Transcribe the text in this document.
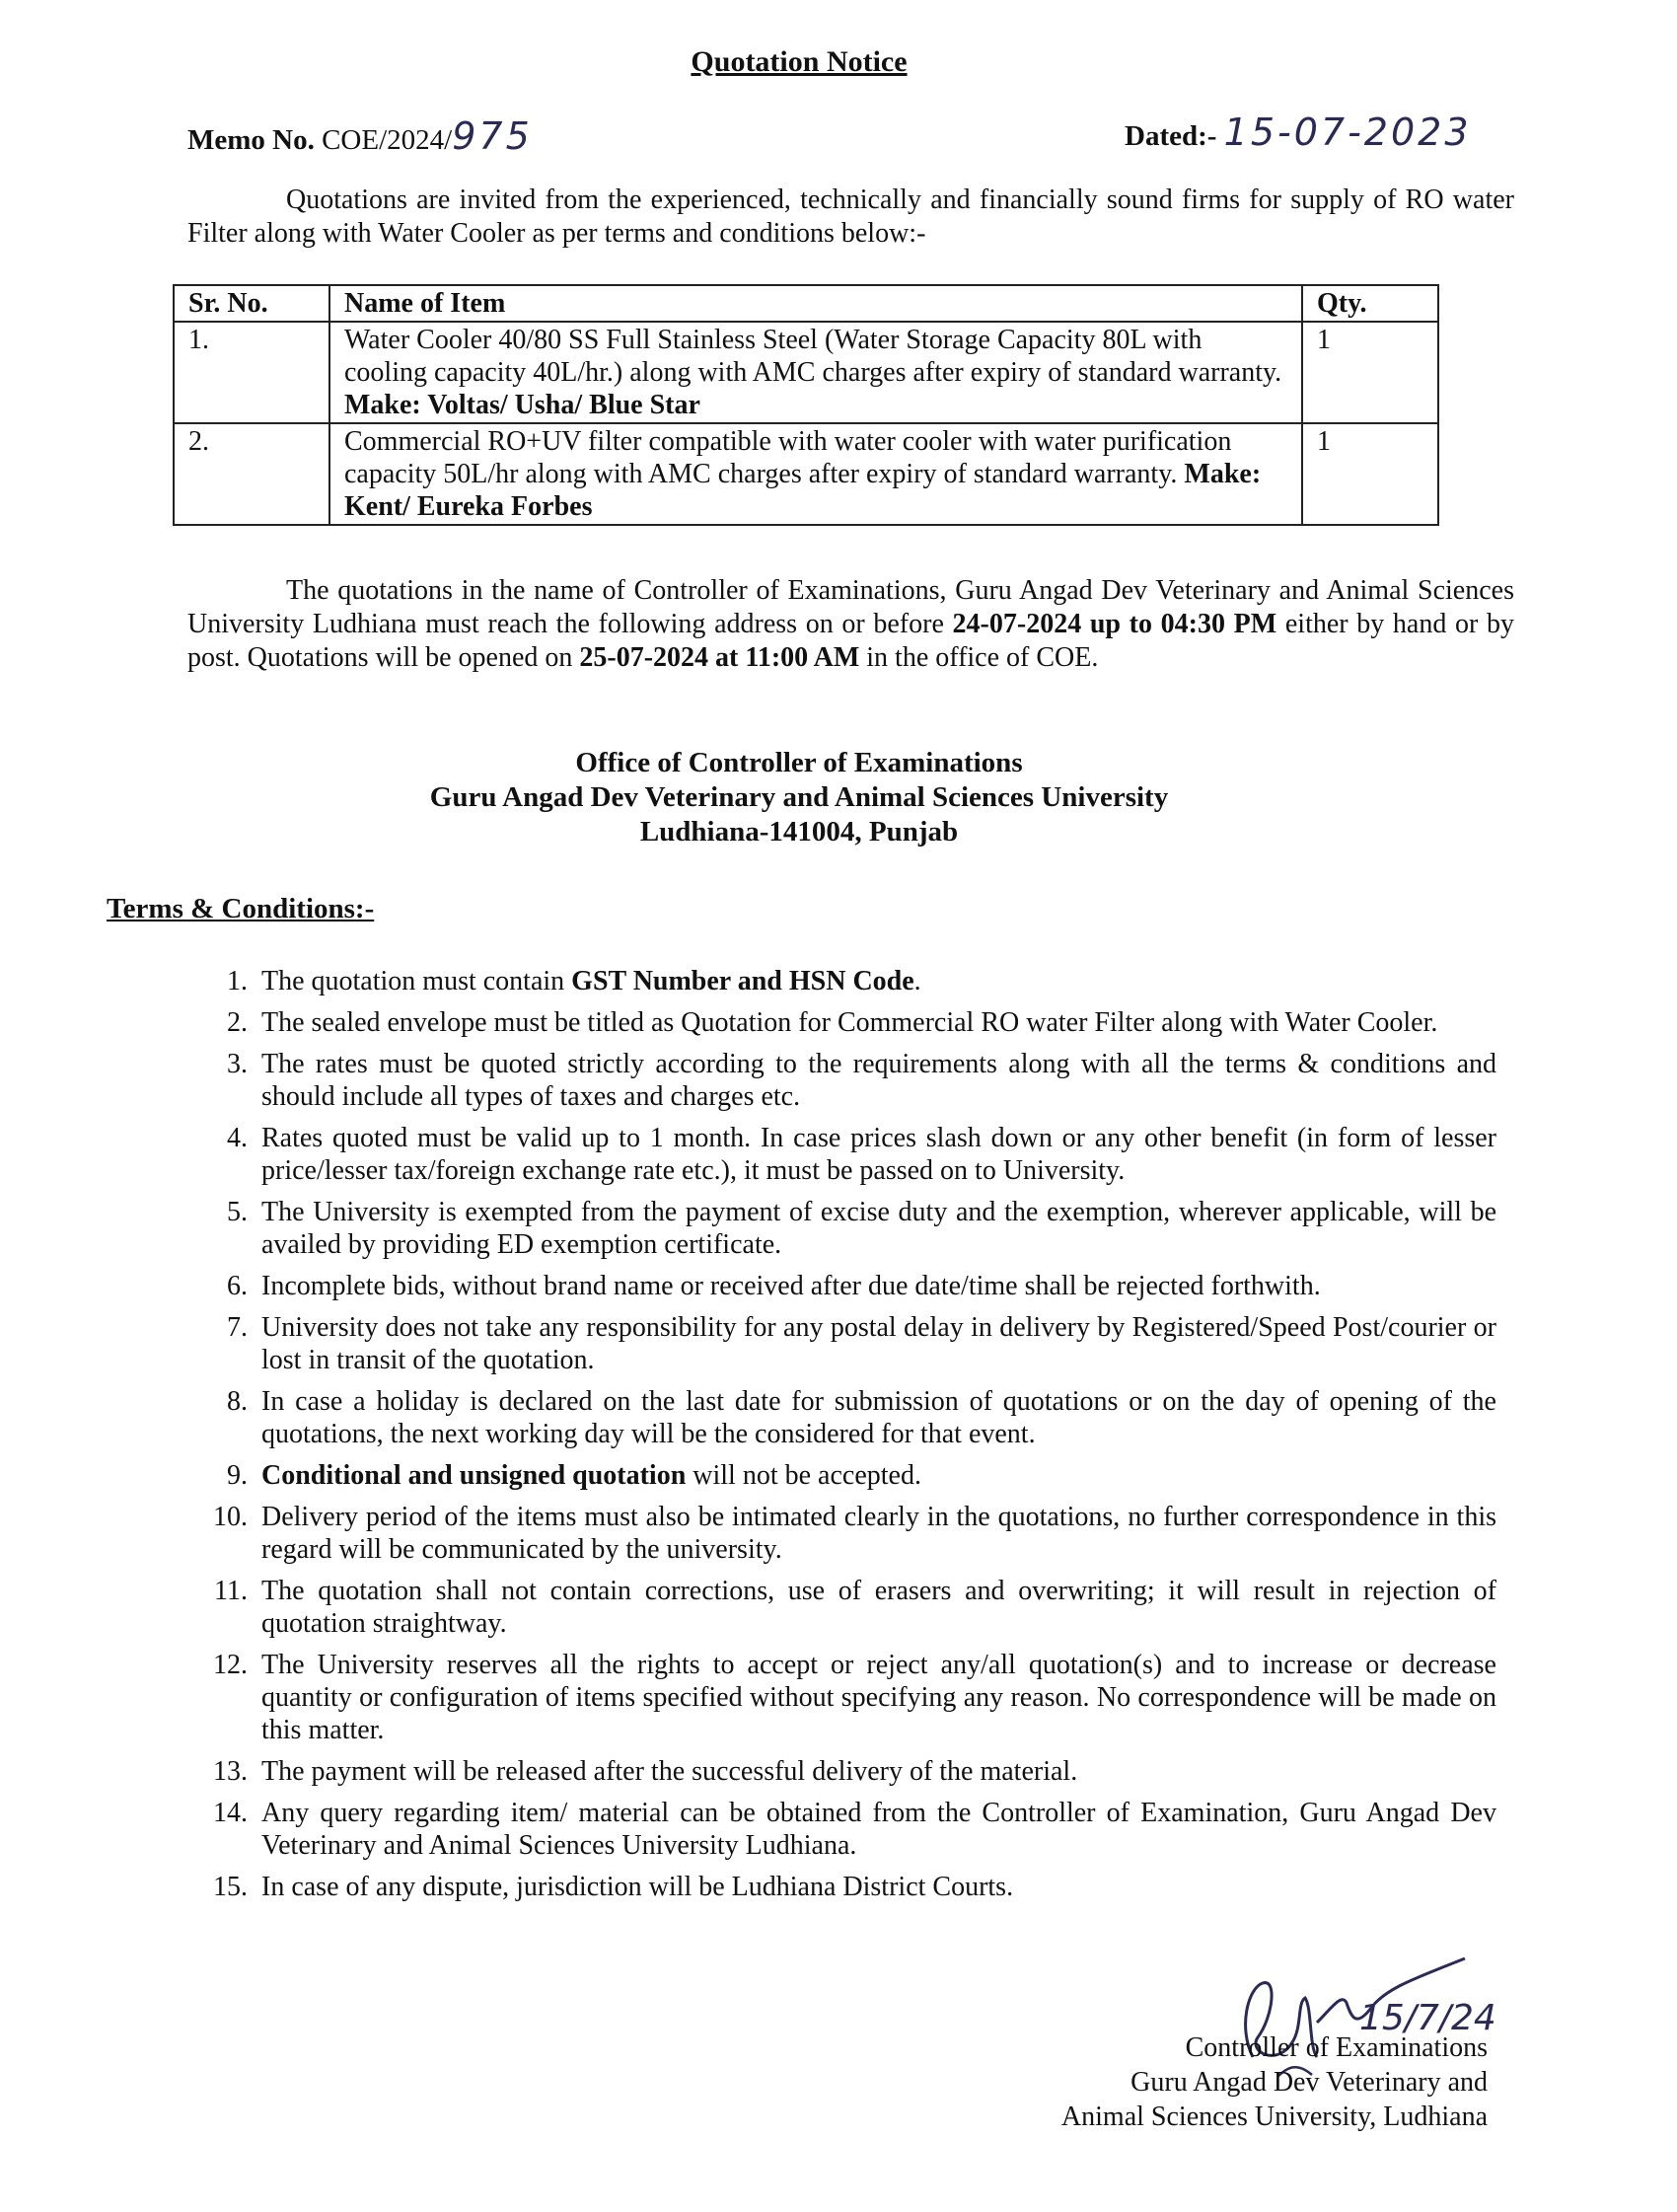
Quotation Notice
Memo No. COE/2024/975	Dated:- 15-07-2023
Quotations are invited from the experienced, technically and financially sound firms for supply of RO water Filter along with Water Cooler as per terms and conditions below:-
Sr. No.	Name of Item	Qty.
1.	Water Cooler 40/80 SS Full Stainless Steel (Water Storage Capacity 80L with cooling capacity 40L/hr.) along with AMC charges after expiry of standard warranty. Make: Voltas/ Usha/ Blue Star	1
2.	Commercial RO+UV filter compatible with water cooler with water purification capacity 50L/hr along with AMC charges after expiry of standard warranty. Make: Kent/ Eureka Forbes	1
The quotations in the name of Controller of Examinations, Guru Angad Dev Veterinary and Animal Sciences University Ludhiana must reach the following address on or before 24-07-2024 up to 04:30 PM either by hand or by post. Quotations will be opened on 25-07-2024 at 11:00 AM in the office of COE.
Office of Controller of Examinations
Guru Angad Dev Veterinary and Animal Sciences University
Ludhiana-141004, Punjab
Terms & Conditions:-
1. The quotation must contain GST Number and HSN Code.
2. The sealed envelope must be titled as Quotation for Commercial RO water Filter along with Water Cooler.
3. The rates must be quoted strictly according to the requirements along with all the terms & conditions and should include all types of taxes and charges etc.
4. Rates quoted must be valid up to 1 month. In case prices slash down or any other benefit (in form of lesser price/lesser tax/foreign exchange rate etc.), it must be passed on to University.
5. The University is exempted from the payment of excise duty and the exemption, wherever applicable, will be availed by providing ED exemption certificate.
6. Incomplete bids, without brand name or received after due date/time shall be rejected forthwith.
7. University does not take any responsibility for any postal delay in delivery by Registered/Speed Post/courier or lost in transit of the quotation.
8. In case a holiday is declared on the last date for submission of quotations or on the day of opening of the quotations, the next working day will be the considered for that event.
9. Conditional and unsigned quotation will not be accepted.
10. Delivery period of the items must also be intimated clearly in the quotations, no further correspondence in this regard will be communicated by the university.
11. The quotation shall not contain corrections, use of erasers and overwriting; it will result in rejection of quotation straightway.
12. The University reserves all the rights to accept or reject any/all quotation(s) and to increase or decrease quantity or configuration of items specified without specifying any reason. No correspondence will be made on this matter.
13. The payment will be released after the successful delivery of the material.
14. Any query regarding item/ material can be obtained from the Controller of Examination, Guru Angad Dev Veterinary and Animal Sciences University Ludhiana.
15. In case of any dispute, jurisdiction will be Ludhiana District Courts.
15/7/24
Controller of Examinations
Guru Angad Dev Veterinary and
Animal Sciences University, Ludhiana
